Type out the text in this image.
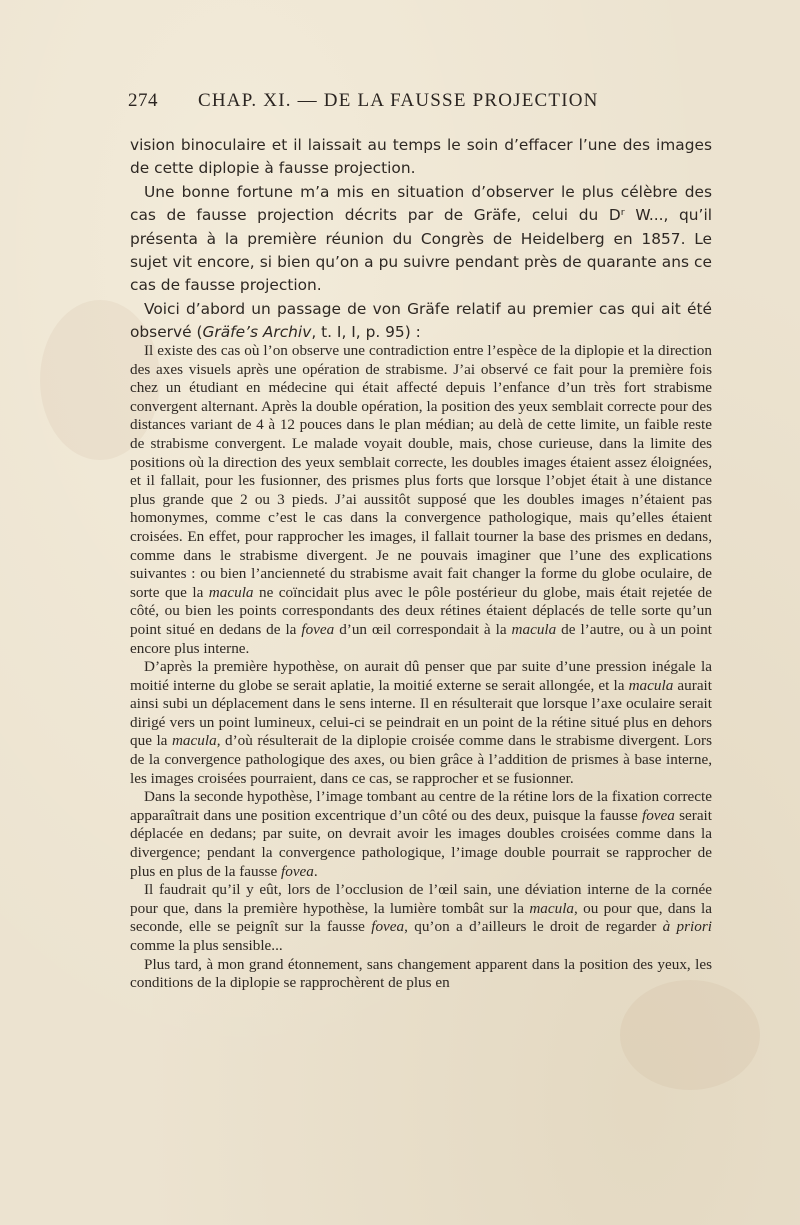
274 CHAP. XI. — DE LA FAUSSE PROJECTION

vision binoculaire et il laissait au temps le soin d’effacer l’une des images de cette diplopie à fausse projection.

Une bonne fortune m’a mis en situation d’observer le plus célèbre des cas de fausse projection décrits par de Gräfe, celui du Dʳ W..., qu’il présenta à la première réunion du Congrès de Heidelberg en 1857. Le sujet vit encore, si bien qu’on a pu suivre pendant près de quarante ans ce cas de fausse projection.

Voici d’abord un passage de von Gräfe relatif au premier cas qui ait été observé (Gräfe’s Archiv, t. I, I, p. 95) :

Il existe des cas où l’on observe une contradiction entre l’espèce de la diplopie et la direction des axes visuels après une opération de strabisme. J’ai observé ce fait pour la première fois chez un étudiant en médecine qui était affecté depuis l’enfance d’un très fort strabisme convergent alternant. Après la double opération, la position des yeux semblait correcte pour des distances variant de 4 à 12 pouces dans le plan médian; au delà de cette limite, un faible reste de strabisme convergent. Le malade voyait double, mais, chose curieuse, dans la limite des positions où la direction des yeux semblait correcte, les doubles images étaient assez éloignées, et il fallait, pour les fusionner, des prismes plus forts que lorsque l’objet était à une distance plus grande que 2 ou 3 pieds. J’ai aussitôt supposé que les doubles images n’étaient pas homonymes, comme c’est le cas dans la convergence pathologique, mais qu’elles étaient croisées. En effet, pour rapprocher les images, il fallait tourner la base des prismes en dedans, comme dans le strabisme divergent. Je ne pouvais imaginer que l’une des explications suivantes : ou bien l’ancienneté du strabisme avait fait changer la forme du globe oculaire, de sorte que la macula ne coïncidait plus avec le pôle postérieur du globe, mais était rejetée de côté, ou bien les points correspondants des deux rétines étaient déplacés de telle sorte qu’un point situé en dedans de la fovea d’un œil correspondait à la macula de l’autre, ou à un point encore plus interne.

D’après la première hypothèse, on aurait dû penser que par suite d’une pression inégale la moitié interne du globe se serait aplatie, la moitié externe se serait allongée, et la macula aurait ainsi subi un déplacement dans le sens interne. Il en résulterait que lorsque l’axe oculaire serait dirigé vers un point lumineux, celui-ci se peindrait en un point de la rétine situé plus en dehors que la macula, d’où résulterait de la diplopie croisée comme dans le strabisme divergent. Lors de la convergence pathologique des axes, ou bien grâce à l’addition de prismes à base interne, les images croisées pourraient, dans ce cas, se rapprocher et se fusionner.

Dans la seconde hypothèse, l’image tombant au centre de la rétine lors de la fixation correcte apparaîtrait dans une position excentrique d’un côté ou des deux, puisque la fausse fovea serait déplacée en dedans; par suite, on devrait avoir les images doubles croisées comme dans la divergence; pendant la convergence pathologique, l’image double pourrait se rapprocher de plus en plus de la fausse fovea.

Il faudrait qu’il y eût, lors de l’occlusion de l’œil sain, une déviation interne de la cornée pour que, dans la première hypothèse, la lumière tombât sur la macula, ou pour que, dans la seconde, elle se peignît sur la fausse fovea, qu’on a d’ailleurs le droit de regarder à priori comme la plus sensible...

Plus tard, à mon grand étonnement, sans changement apparent dans la position des yeux, les conditions de la diplopie se rapprochèrent de plus en
